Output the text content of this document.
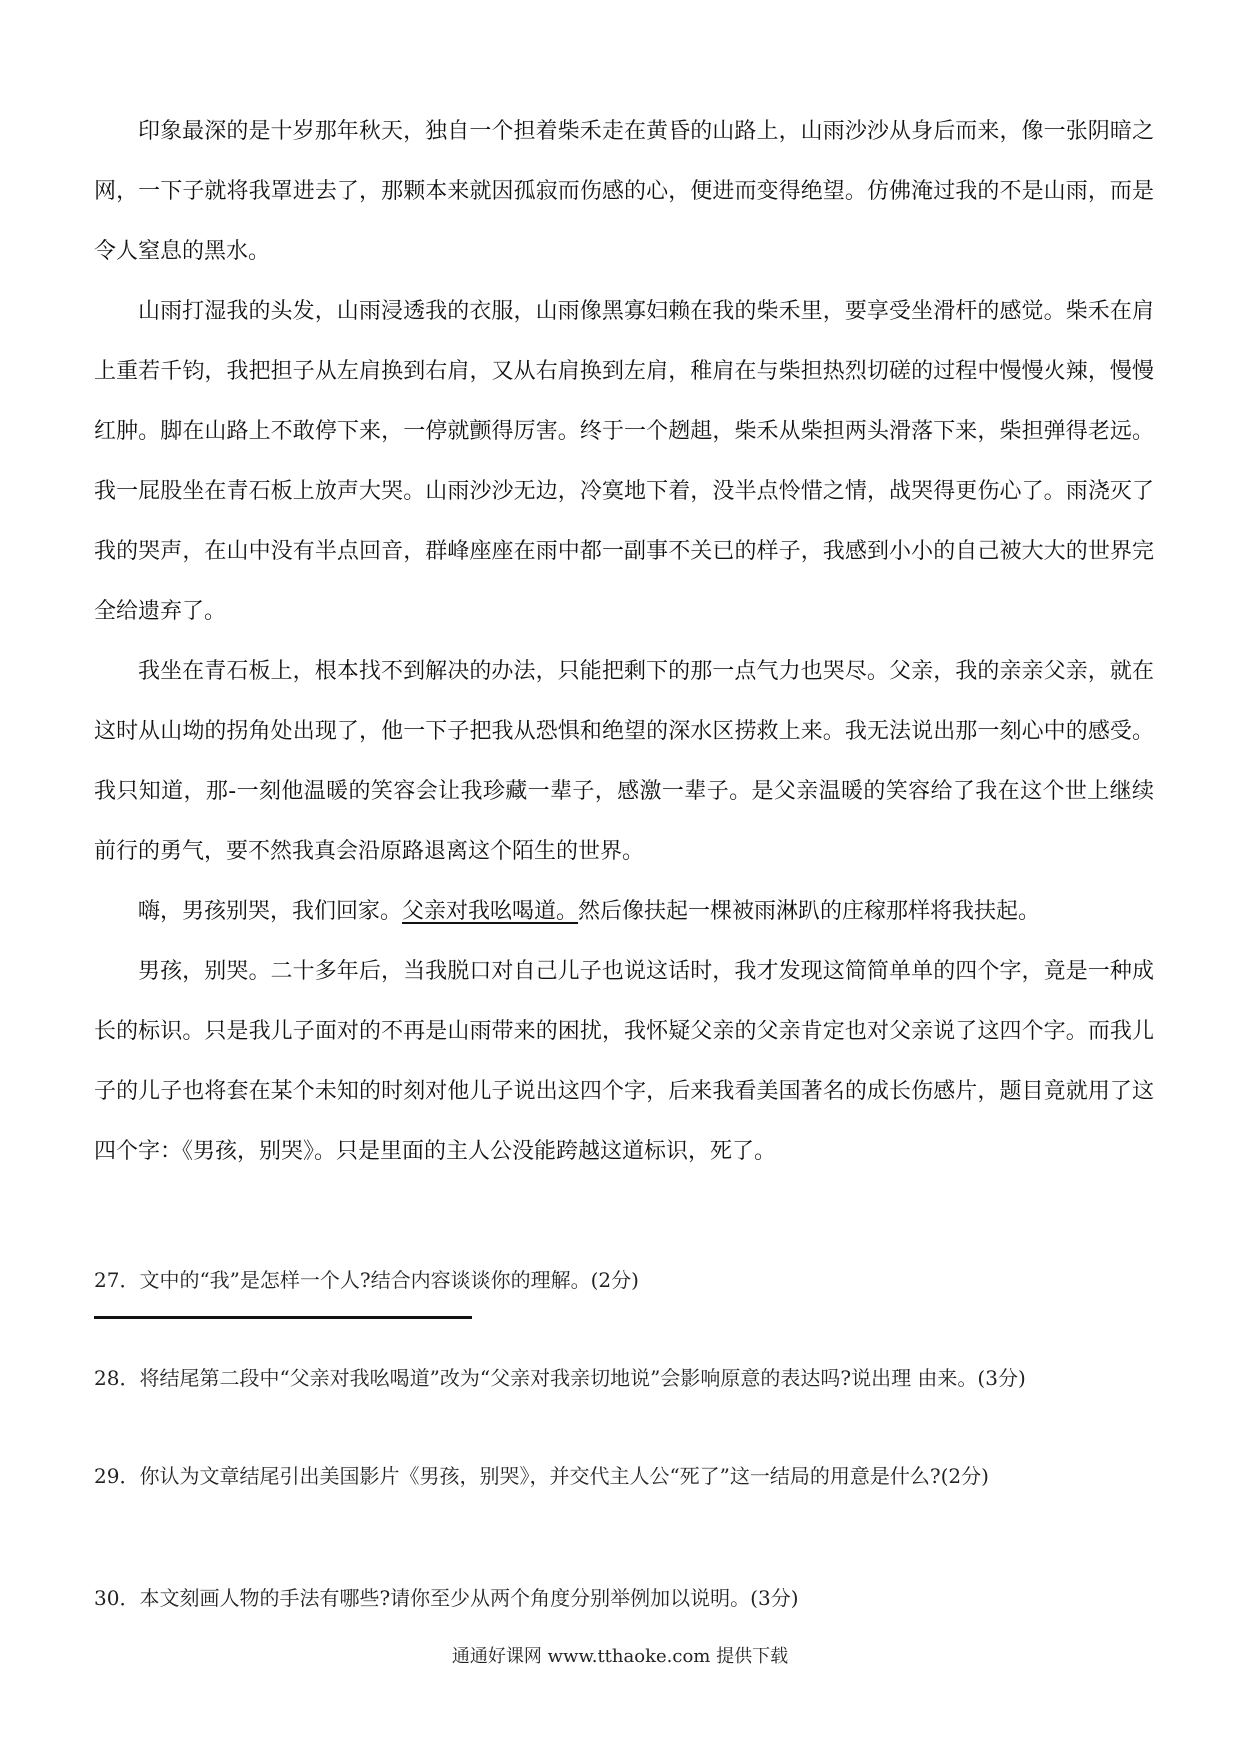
印象最深的是十岁那年秋天，独自一个担着柴禾走在黄昏的山路上，山雨沙沙从身后而来，像一张阴暗之网，一下子就将我罩进去了，那颗本来就因孤寂而伤感的心，便进而变得绝望。仿佛淹过我的不是山雨，而是令人窒息的黑水。

山雨打湿我的头发，山雨浸透我的衣服，山雨像黑寡妇赖在我的柴禾里，要享受坐滑杆的感觉。柴禾在肩上重若千钧，我把担子从左肩换到右肩，又从右肩换到左肩，稚肩在与柴担热烈切磋的过程中慢慢火辣，慢慢红肿。脚在山路上不敢停下来，一停就颤得厉害。终于一个趔趄，柴禾从柴担两头滑落下来，柴担弹得老远。我一屁股坐在青石板上放声大哭。山雨沙沙无边，冷寞地下着，没半点怜惜之情，战哭得更伤心了。雨浇灭了我的哭声，在山中没有半点回音，群峰座座在雨中都一副事不关已的样子，我感到小小的自己被大大的世界完全给遗弃了。

我坐在青石板上，根本找不到解决的办法，只能把剩下的那一点气力也哭尽。父亲，我的亲亲父亲，就在这时从山坳的拐角处出现了，他一下子把我从恐惧和绝望的深水区捞救上来。我无法说出那一刻心中的感受。我只知道，那-一刻他温暖的笑容会让我珍藏一辈子，感激一辈子。是父亲温暖的笑容给了我在这个世上继续前行的勇气，要不然我真会沿原路退离这个陌生的世界。

嗨，男孩别哭，我们回家。父亲对我吆喝道。然后像扶起一棵被雨淋趴的庄稼那样将我扶起。

男孩，别哭。二十多年后，当我脱口对自己儿子也说这话时，我才发现这简简单单的四个字，竟是一种成长的标识。只是我儿子面对的不再是山雨带来的困扰，我怀疑父亲的父亲肯定也对父亲说了这四个字。而我儿子的儿子也将套在某个未知的时刻对他儿子说出这四个字，后来我看美国著名的成长伤感片，题目竟就用了这四个字：《男孩，别哭》。只是里面的主人公没能跨越这道标识，死了。

27．文中的“我”是怎样一个人?结合内容谈谈你的理解。(2分)
28．将结尾第二段中“父亲对我吆喝道”改为“父亲对我亲切地说”会影响原意的表达吗?说出理 由来。(3分)
29．你认为文章结尾引出美国影片《男孩，别哭》，并交代主人公“死了”这一结局的用意是什么?(2分)
30．本文刻画人物的手法有哪些?请你至少从两个角度分别举例加以说明。(3分)
通通好课网 www.tthaoke.com 提供下载
